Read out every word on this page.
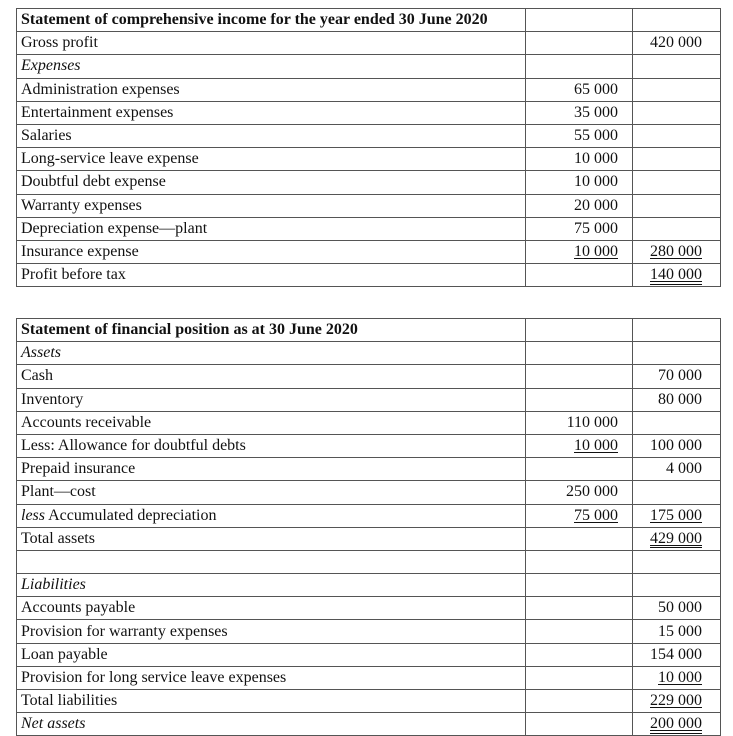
Statement of comprehensive income for the year ended 30 June 2020		
Gross profit		420 000
Expenses		
Administration expenses	65 000	
Entertainment expenses	35 000	
Salaries	55 000	
Long-service leave expense	10 000	
Doubtful debt expense	10 000	
Warranty expenses	20 000	
Depreciation expense—plant	75 000	
Insurance expense	10 000	280 000
Profit before tax		140 000
Statement of financial position as at 30 June 2020		
Assets		
Cash		70 000
Inventory		80 000
Accounts receivable	110 000	
Less: Allowance for doubtful debts	10 000	100 000
Prepaid insurance		4 000
Plant—cost	250 000	
less Accumulated depreciation	75 000	175 000
Total assets		429 000

Liabilities		
Accounts payable		50 000
Provision for warranty expenses		15 000
Loan payable		154 000
Provision for long service leave expenses		10 000
Total liabilities		229 000
Net assets		200 000
